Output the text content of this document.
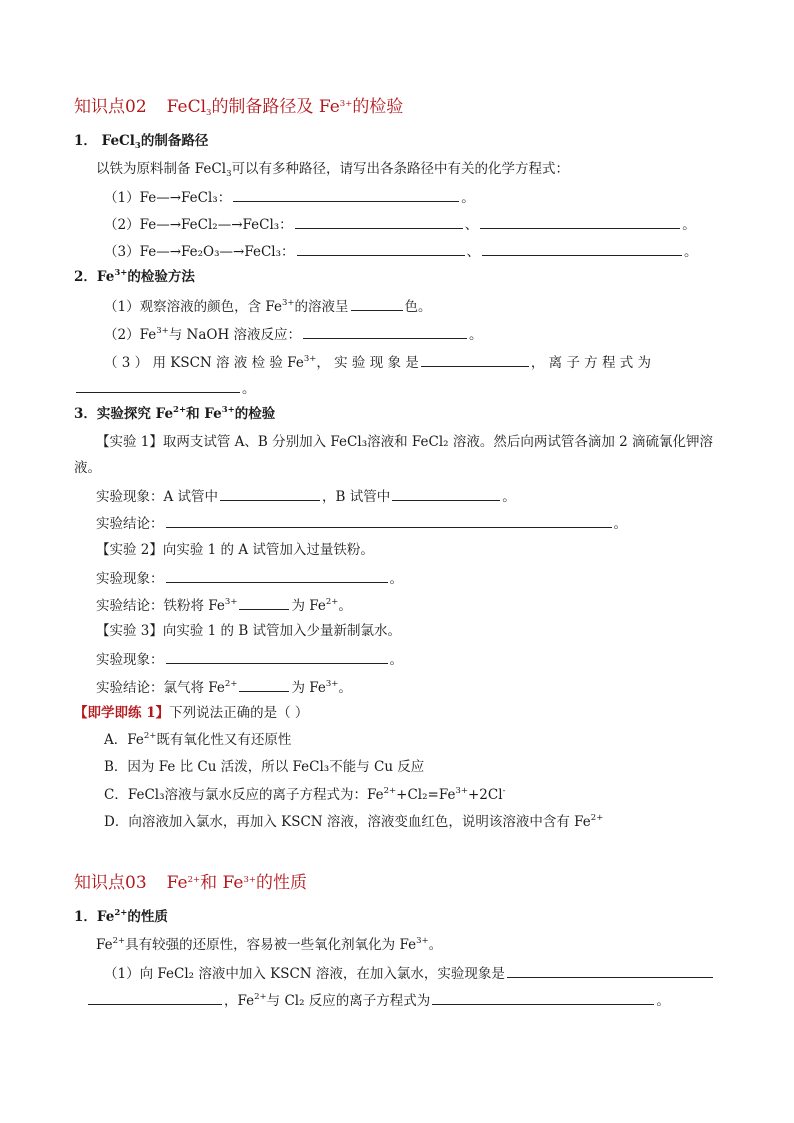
知识点02 FeCl$_3$的制备路径及 $Fe^{3+}$的检验
1． FeCl$_3$的制备路径
以铁为原料制备 FeCl$_3$可以有多种路径，请写出各条路径中有关的化学方程式：
（1）Fe—→FeCl₃：	。
（2）Fe—→FeCl₂—→FeCl₃：	、	。
（3）Fe—→Fe₂O₃—→FeCl₃：	、	。
2．$Fe^{3+}$的检验方法
（1）观察溶液的颜色，含 $Fe^{3+}$的溶液呈	色。
$(2)Fe^{3+}$与 NaOH 溶液反应：	。
（ 3 ） 用 KSCN 溶 液 检 验 $Fe^{3+}$， 实 验 现 象 是	， 离 子 方 程 式 为
。
3．实验探究 $Fe^{2+}$和 $Fe^{3+}$的检验
【实验 1】取两支试管 A、B 分别加入 FeCl₃溶液和 FeCl₂ 溶液。然后向两试管各滴加 2 滴硫氰化钾溶
液。
实验现象：A 试管中	，B 试管中	。
实验结论：	。
【实验 2】向实验 1 的 A 试管加入过量铁粉。
实验现象：	。
实验结论：铁粉将 $Fe^{3+}$	为 $Fe^{2+}$。
【实验 3】向实验 1 的 B 试管加入少量新制氯水。
实验现象：	。
实验结论：氯气将 $Fe^{2+}$	为 $Fe^{3+}$。
【即学即练 1】下列说法正确的是（ ）
A．$Fe^{2+}$既有氧化性又有还原性
B．因为 Fe 比 Cu 活泼，所以 FeCl₃不能与 Cu 反应
C．FeCl₃溶液与氯水反应的离子方程式为：$Fe^{2+}+Cl_2=Fe^{3+}+2Cl^-$
D．向溶液加入氯水，再加入 KSCN 溶液，溶液变血红色，说明该溶液中含有 $Fe^{2+}$
知识点03 $Fe^{2+}$和 $Fe^{3+}$的性质
1．$Fe^{2+}$的性质
$Fe^{2+}$具有较强的还原性，容易被一些氧化剂氧化为 $Fe^{3+}$。
（1）向 FeCl₂ 溶液中加入 KSCN 溶液，在加入氯水，实验现象是
，$Fe^{2+}$与 Cl₂ 反应的离子方程式为	。
